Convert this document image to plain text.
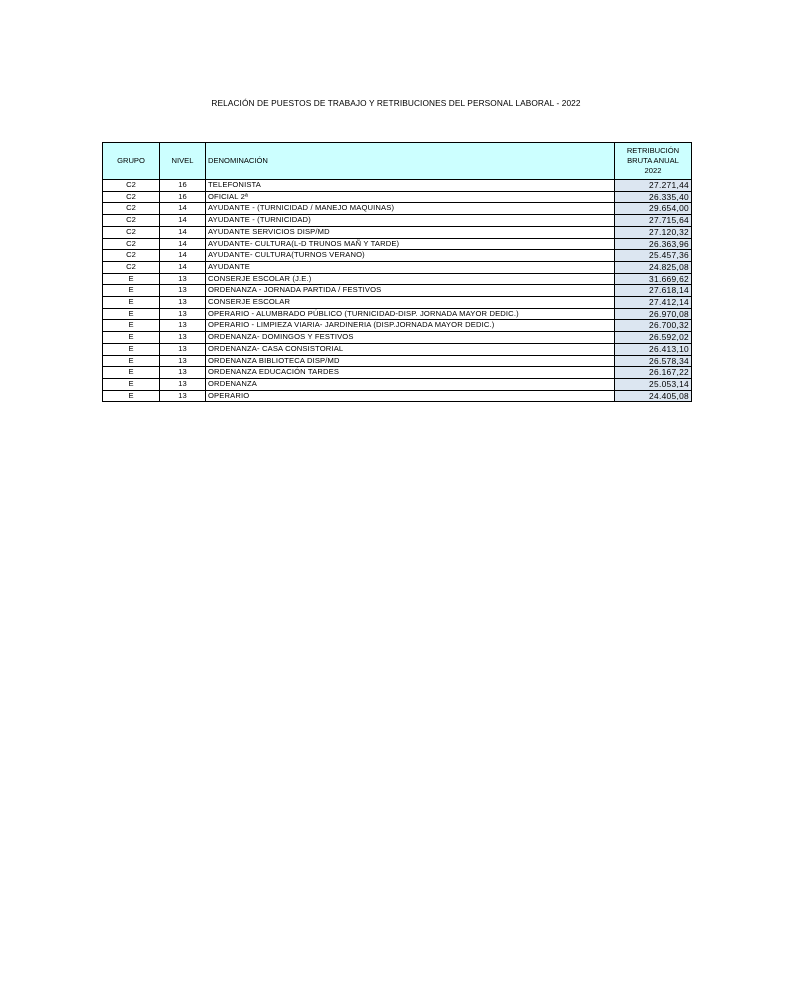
RELACIÓN DE PUESTOS DE TRABAJO Y RETRIBUCIONES DEL PERSONAL LABORAL - 2022
GRUPO	NIVEL	DENOMINACIÓN	RETRIBUCIÓN
BRUTA ANUAL
2022

C2	16	TELEFONISTA	27.271,44
C2	16	OFICIAL 2ª	26.335,40
C2	14	AYUDANTE - (TURNICIDAD / MANEJO MAQUINAS)	29.654,00
C2	14	AYUDANTE - (TURNICIDAD)	27.715,64
C2	14	AYUDANTE SERVICIOS DISP/MD	27.120,32
C2	14	AYUDANTE- CULTURA(L-D TRUNOS MAÑ Y TARDE)	26.363,96
C2	14	AYUDANTE- CULTURA(TURNOS VERANO)	25.457,36
C2	14	AYUDANTE	24.825,08
E	13	CONSERJE ESCOLAR (J.E.)	31.669,62
E	13	ORDENANZA - JORNADA PARTIDA / FESTIVOS	27.618,14
E	13	CONSERJE ESCOLAR	27.412,14
E	13	OPERARIO - ALUMBRADO PÚBLICO (TURNICIDAD-DISP. JORNADA MAYOR DEDIC.)	26.970,08
E	13	OPERARIO - LIMPIEZA VIARIA- JARDINERIA (DISP.JORNADA MAYOR DEDIC.)	26.700,32
E	13	ORDENANZA- DOMINGOS Y FESTIVOS	26.592,02
E	13	ORDENANZA- CASA CONSISTORIAL	26.413,10
E	13	ORDENANZA BIBLIOTECA DISP/MD	26.578,34
E	13	ORDENANZA EDUCACIÓN TARDES	26.167,22
E	13	ORDENANZA	25.053,14
E	13	OPERARIO	24.405,08
